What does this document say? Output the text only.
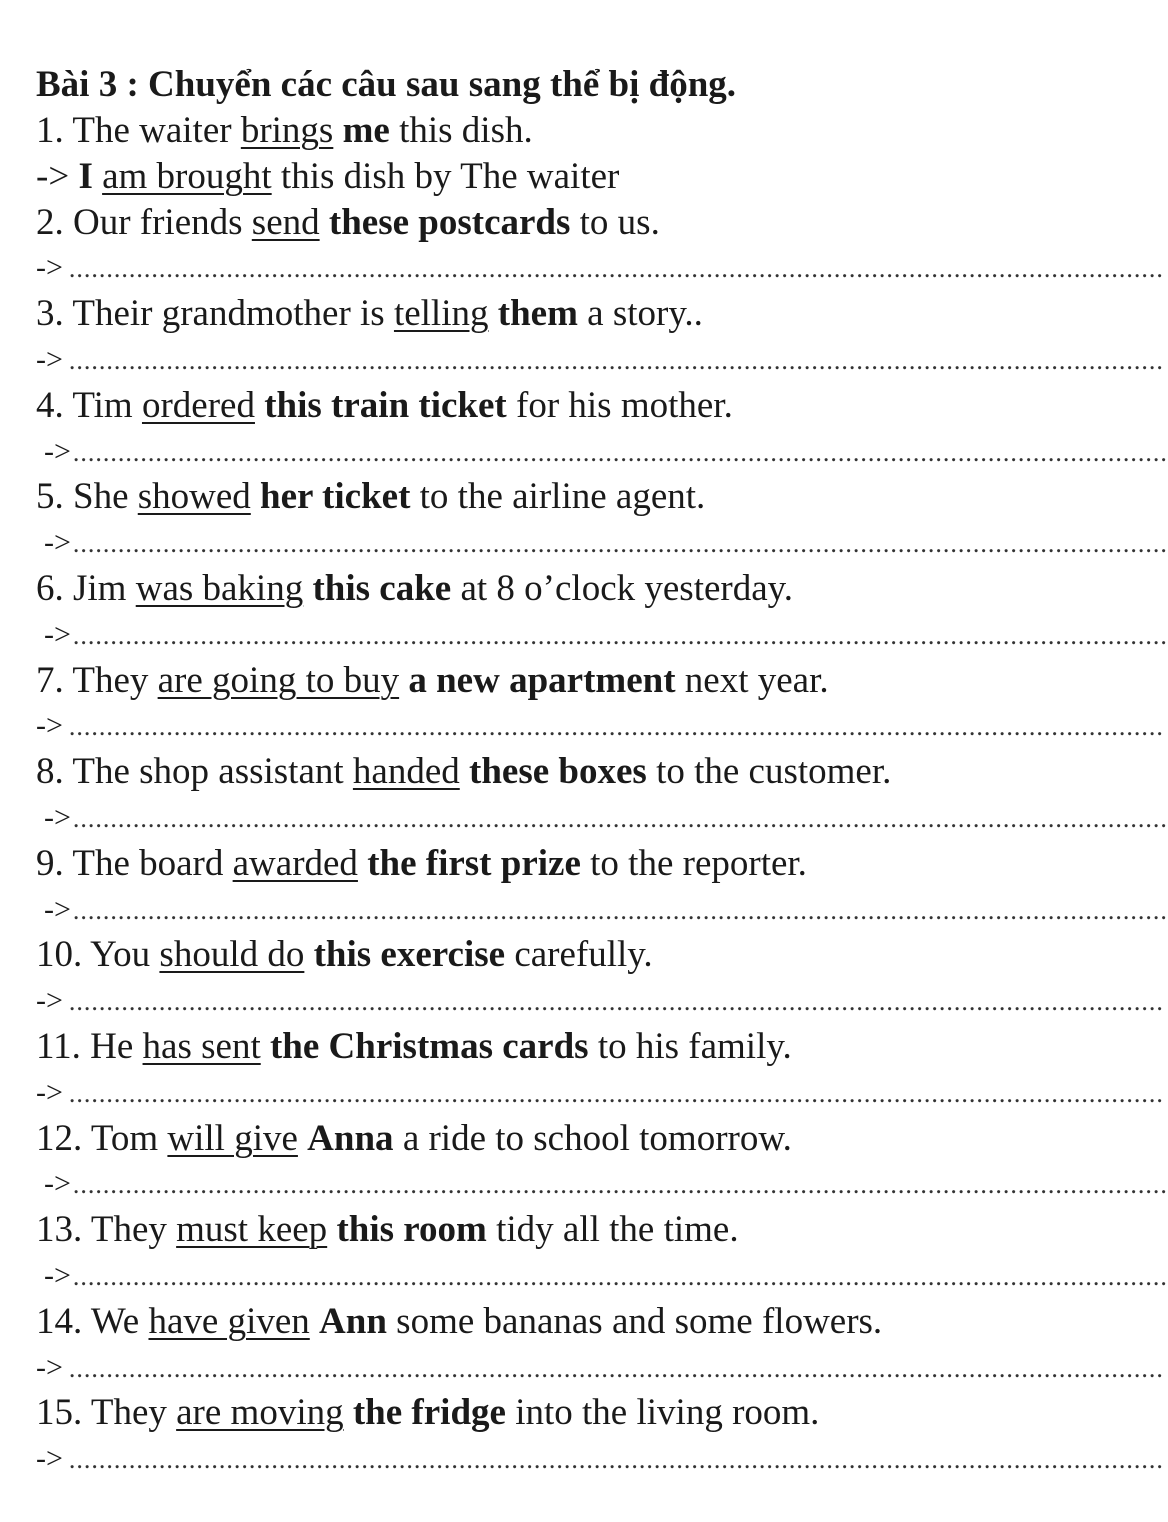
Bài 3 : Chuyển các câu sau sang thể bị động.
1. The waiter brings me this dish.
-> I am brought this dish by The waiter
2. Our friends send these postcards to us.
-> ..................................................................................................................................................
3. Their grandmother is telling them a story..
-> ..................................................................................................................................................
4. Tim ordered this train ticket for his mother.
-> ..................................................................................................................................................
5. She showed her ticket to the airline agent.
-> ..................................................................................................................................................
6. Jim was baking this cake at 8 o’clock yesterday.
-> ..................................................................................................................................................
7. They are going to buy a new apartment next year.
-> ..................................................................................................................................................
8. The shop assistant handed these boxes to the customer.
-> ..................................................................................................................................................
9. The board awarded the first prize to the reporter.
-> ..................................................................................................................................................
10. You should do this exercise carefully.
-> ..................................................................................................................................................
11. He has sent the Christmas cards to his family.
-> ..................................................................................................................................................
12. Tom will give Anna a ride to school tomorrow.
-> ..................................................................................................................................................
13. They must keep this room tidy all the time.
-> ..................................................................................................................................................
14. We have given Ann some bananas and some flowers.
-> ..................................................................................................................................................
15. They are moving the fridge into the living room.
-> ..................................................................................................................................................
